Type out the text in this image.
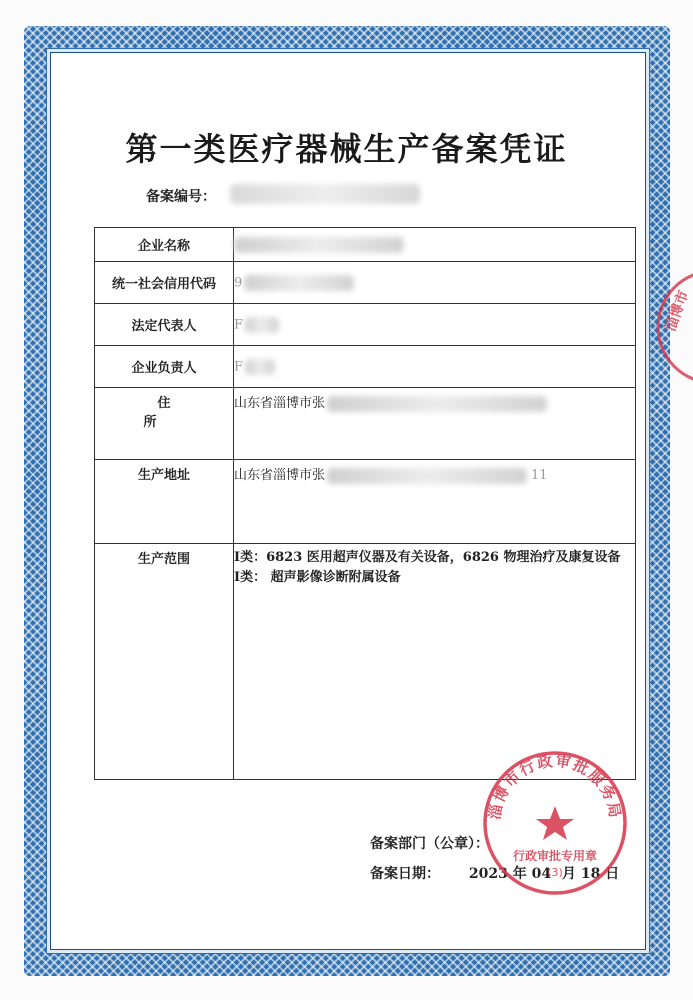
第一类医疗器械生产备案凭证
备案编号：
企业名称	
统一社会信用代码	9
法定代表人	F
企业负责人	F
住　所	山东省淄博市张
生产地址	山东省淄博市张 11
生产范围	Ⅰ类：6823 医用超声仪器及有关设备，6826 物理治疗及康复设备
Ⅰ类： 超声影像诊断附属设备
备案部门（公章）：
备案日期： 2023 年 04 月 18 日
淄博市行政审批服务局
行政审批专用章
(3)
淄博市
